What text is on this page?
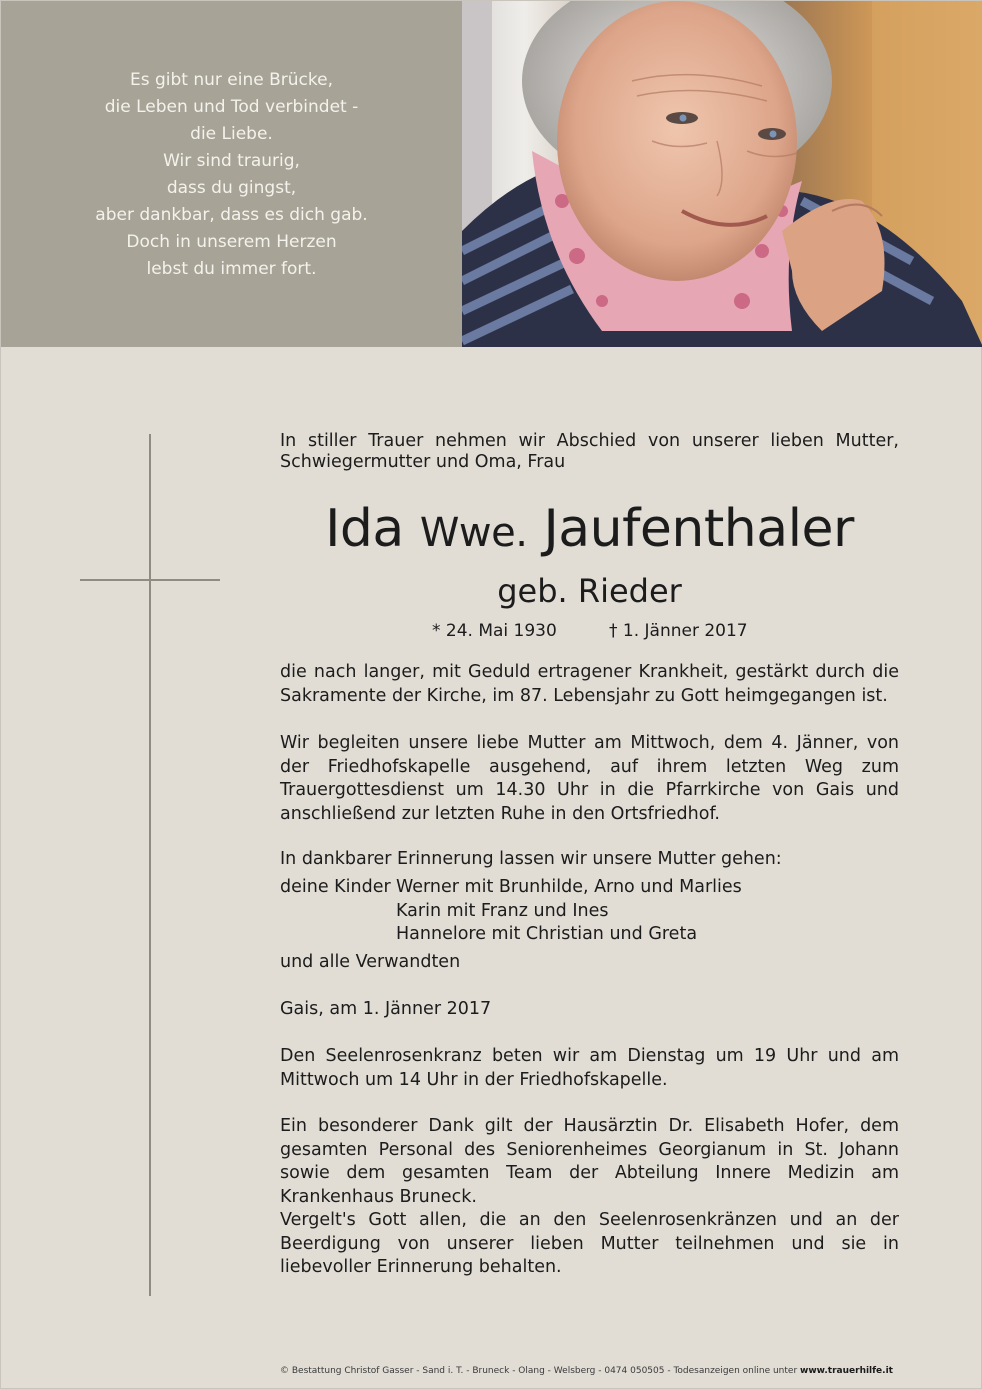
Es gibt nur eine Brücke,
die Leben und Tod verbindet -
die Liebe.
Wir sind traurig,
dass du gingst,
aber dankbar, dass es dich gab.
Doch in unserem Herzen
lebst du immer fort.
In stiller Trauer nehmen wir Abschied von unserer lieben Mutter, Schwiegermutter und Oma, Frau
Ida Wwe. Jaufenthaler
geb. Rieder
* 24. Mai 1930	† 1. Jänner 2017
die nach langer, mit Geduld ertragener Krankheit, gestärkt durch die Sakramente der Kirche, im 87. Lebensjahr zu Gott heimgegangen ist.
Wir begleiten unsere liebe Mutter am Mittwoch, dem 4. Jänner, von der Friedhofskapelle ausgehend, auf ihrem letzten Weg zum Trauergottesdienst um 14.30 Uhr in die Pfarrkirche von Gais und anschließend zur letzten Ruhe in den Ortsfriedhof.
In dankbarer Erinnerung lassen wir unsere Mutter gehen:
deine Kinder Werner mit Brunhilde, Arno und Marlies
Karin mit Franz und Ines
Hannelore mit Christian und Greta
und alle Verwandten
Gais, am 1. Jänner 2017
Den Seelenrosenkranz beten wir am Dienstag um 19 Uhr und am Mittwoch um 14 Uhr in der Friedhofskapelle.
Ein besonderer Dank gilt der Hausärztin Dr. Elisabeth Hofer, dem gesamten Personal des Seniorenheimes Georgianum in St. Johann sowie dem gesamten Team der Abteilung Innere Medizin am Krankenhaus Bruneck.
Vergelt's Gott allen, die an den Seelenrosenkränzen und an der Beerdigung von unserer lieben Mutter teilnehmen und sie in liebevoller Erinnerung behalten.
© Bestattung Christof Gasser - Sand i. T. - Bruneck - Olang - Welsberg - 0474 050505 - Todesanzeigen online unter www.trauerhilfe.it
